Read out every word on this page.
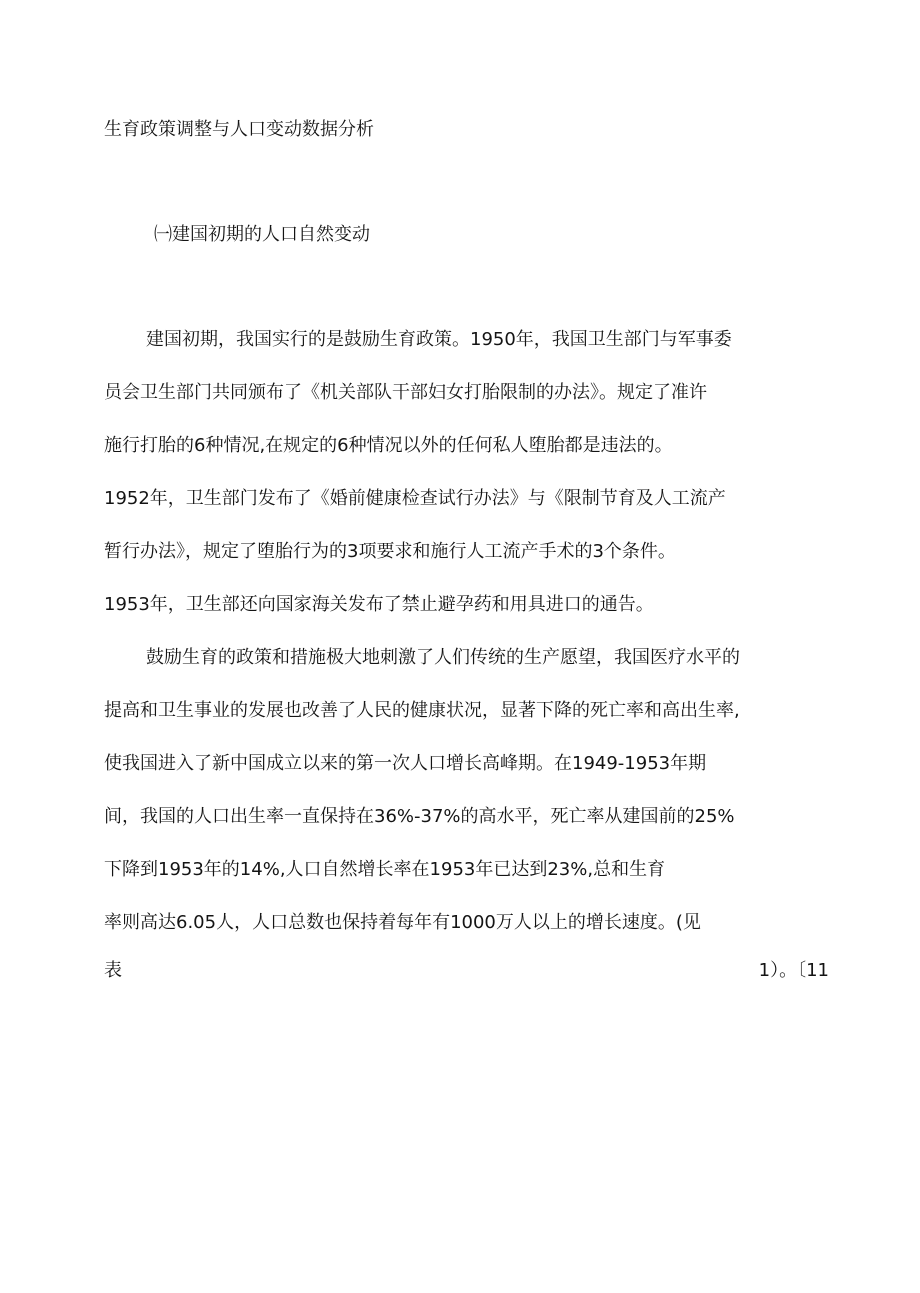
生育政策调整与人口变动数据分析
㈠建国初期的人口自然变动

建国初期，我国实行的是鼓励生育政策。1950年，我国卫生部门与军事委

员会卫生部门共同颁布了《机关部队干部妇女打胎限制的办法》。规定了准许

施行打胎的6种情况,在规定的6种情况以外的任何私人堕胎都是违法的。

1952年，卫生部门发布了《婚前健康检查试行办法》与《限制节育及人工流产

暂行办法》，规定了堕胎行为的3项要求和施行人工流产手术的3个条件。

1953年，卫生部还向国家海关发布了禁止避孕药和用具进口的通告。

鼓励生育的政策和措施极大地刺激了人们传统的生产愿望，我国医疗水平的

提高和卫生事业的发展也改善了人民的健康状况，显著下降的死亡率和高出生率,

使我国进入了新中国成立以来的第一次人口增长高峰期。在1949-1953年期

间，我国的人口出生率一直保持在36%-37%的高水平，死亡率从建国前的25%

下降到1953年的14%,人口自然增长率在1953年已达到23%,总和生育

率则高达6.05人，人口总数也保持着每年有1000万人以上的增长速度。(见

表	1）。〔11
